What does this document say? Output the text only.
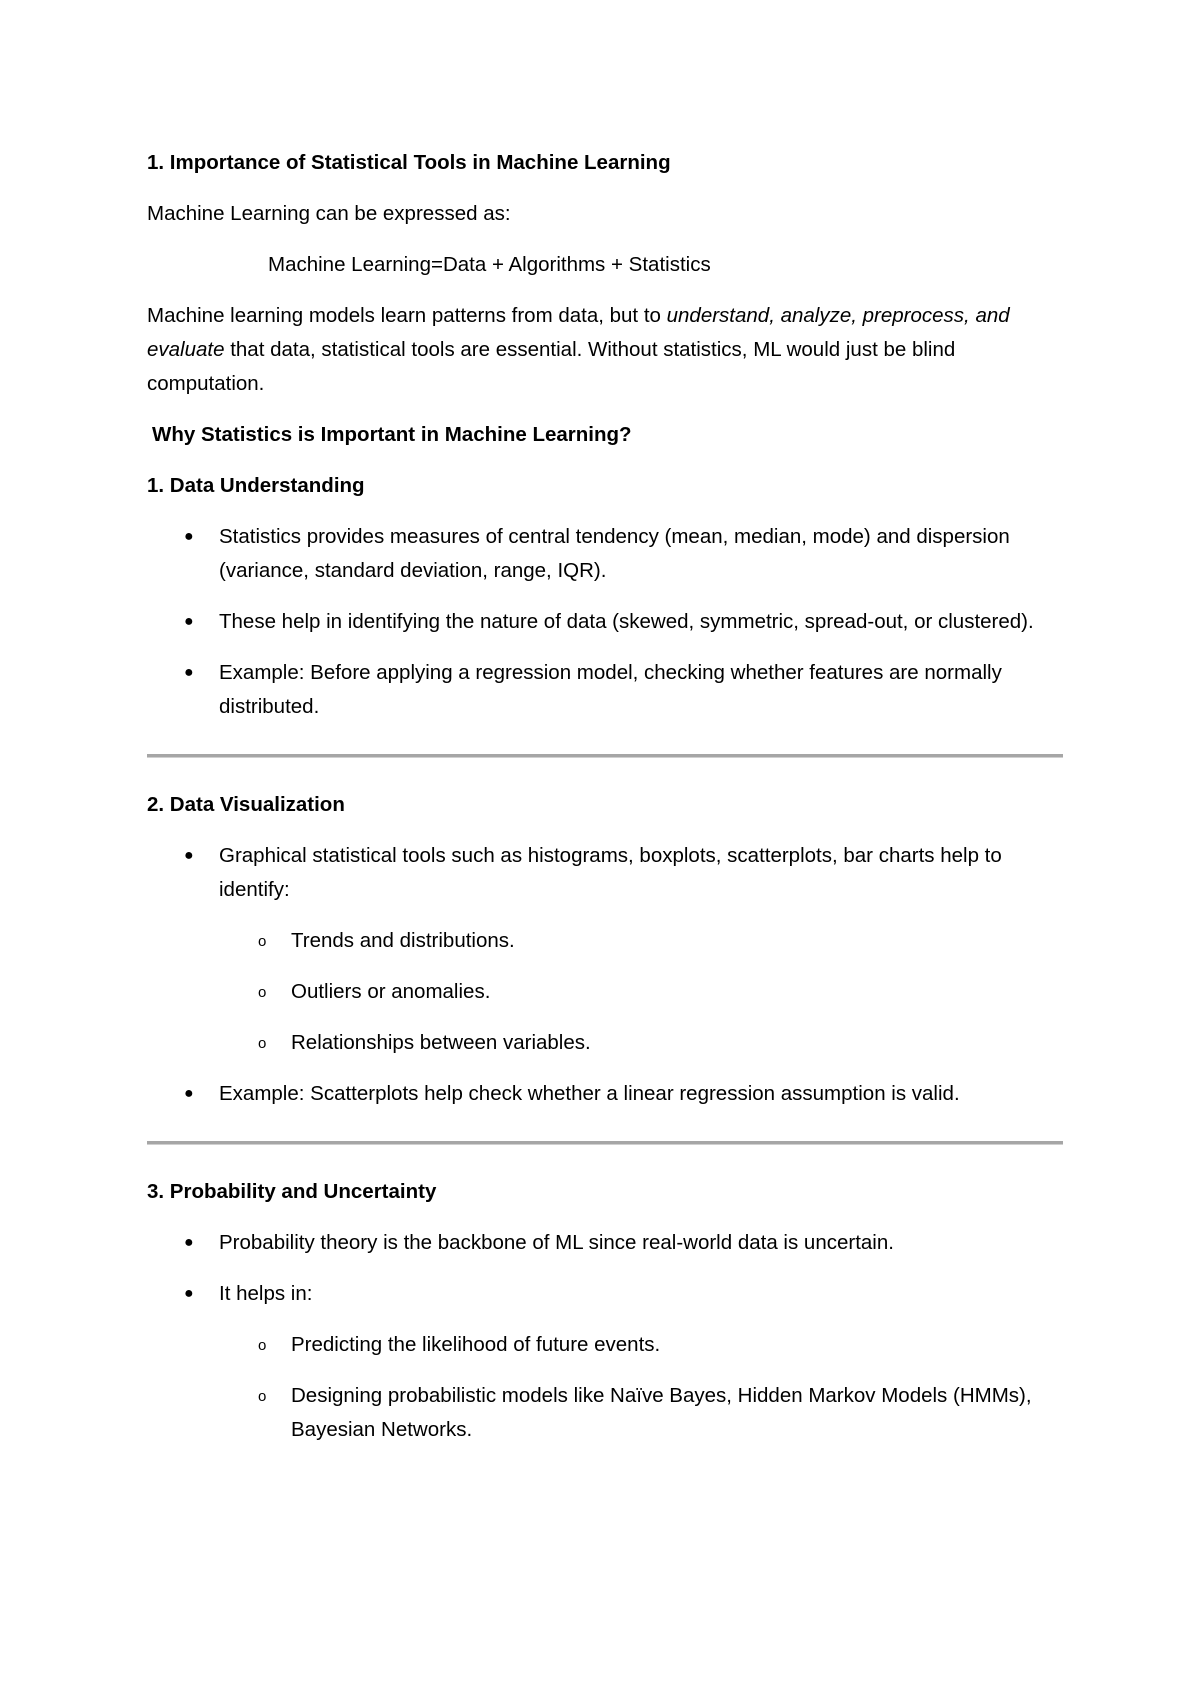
1. Importance of Statistical Tools in Machine Learning

Machine Learning can be expressed as:

Machine Learning=Data + Algorithms + Statistics

Machine learning models learn patterns from data, but to understand, analyze, preprocess, and evaluate that data, statistical tools are essential. Without statistics, ML would just be blind computation.

Why Statistics is Important in Machine Learning?

1. Data Understanding

● Statistics provides measures of central tendency (mean, median, mode) and dispersion (variance, standard deviation, range, IQR).
● These help in identifying the nature of data (skewed, symmetric, spread-out, or clustered).
● Example: Before applying a regression model, checking whether features are normally distributed.

2. Data Visualization

● Graphical statistical tools such as histograms, boxplots, scatterplots, bar charts help to identify:
o Trends and distributions.
o Outliers or anomalies.
o Relationships between variables.
● Example: Scatterplots help check whether a linear regression assumption is valid.

3. Probability and Uncertainty

● Probability theory is the backbone of ML since real-world data is uncertain.
● It helps in:
o Predicting the likelihood of future events.
o Designing probabilistic models like Naïve Bayes, Hidden Markov Models (HMMs), Bayesian Networks.
